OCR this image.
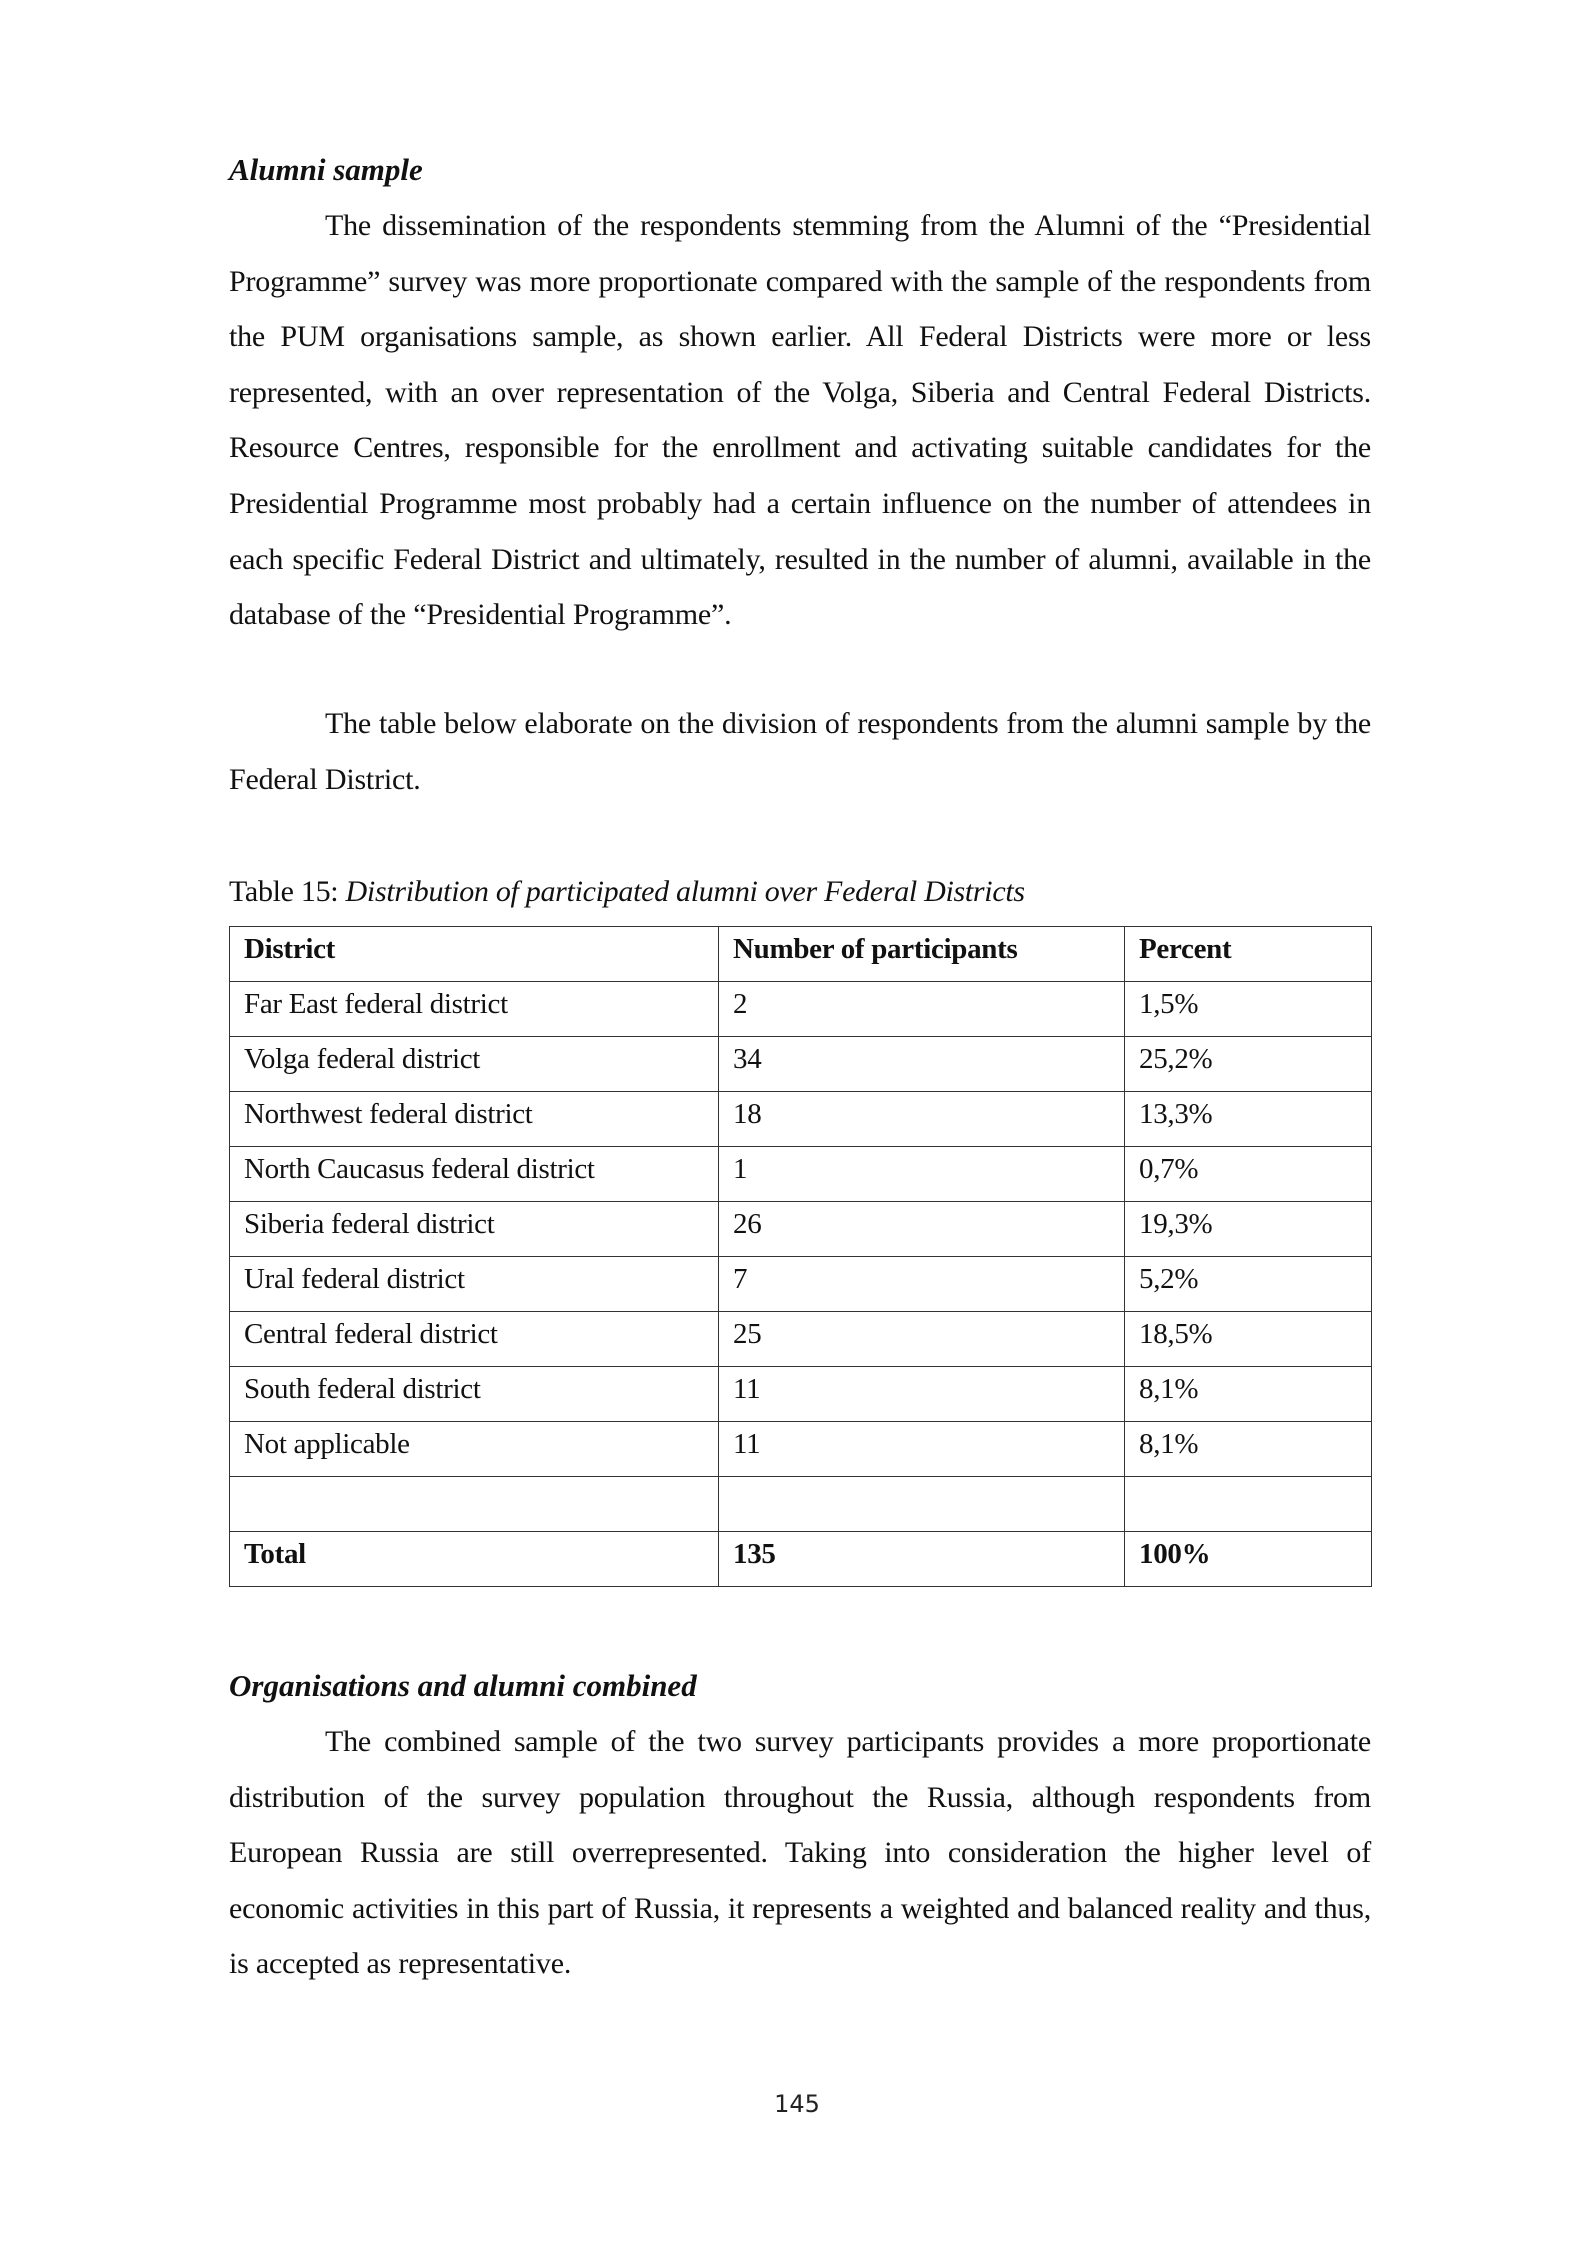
Alumni sample

The dissemination of the respondents stemming from the Alumni of the “Presidential Programme” survey was more proportionate compared with the sample of the respondents from the PUM organisations sample, as shown earlier. All Federal Districts were more or less represented, with an over representation of the Volga, Siberia and Central Federal Districts. Resource Centres, responsible for the enrollment and activating suitable candidates for the Presidential Programme most probably had a certain influence on the number of attendees in each specific Federal District and ultimately, resulted in the number of alumni, available in the database of the “Presidential Programme”.

The table below elaborate on the division of respondents from the alumni sample by the Federal District.

Table 15: Distribution of participated alumni over Federal Districts
District	Number of participants	Percent
Far East federal district	2	1,5%
Volga federal district	34	25,2%
Northwest federal district	18	13,3%
North Caucasus federal district	1	0,7%
Siberia federal district	26	19,3%
Ural federal district	7	5,2%
Central federal district	25	18,5%
South federal district	11	8,1%
Not applicable	11	8,1%

Total	135	100%
Organisations and alumni combined

The combined sample of the two survey participants provides a more proportionate distribution of the survey population throughout the Russia, although respondents from European Russia are still overrepresented. Taking into consideration the higher level of economic activities in this part of Russia, it represents a weighted and balanced reality and thus, is accepted as representative.

145
